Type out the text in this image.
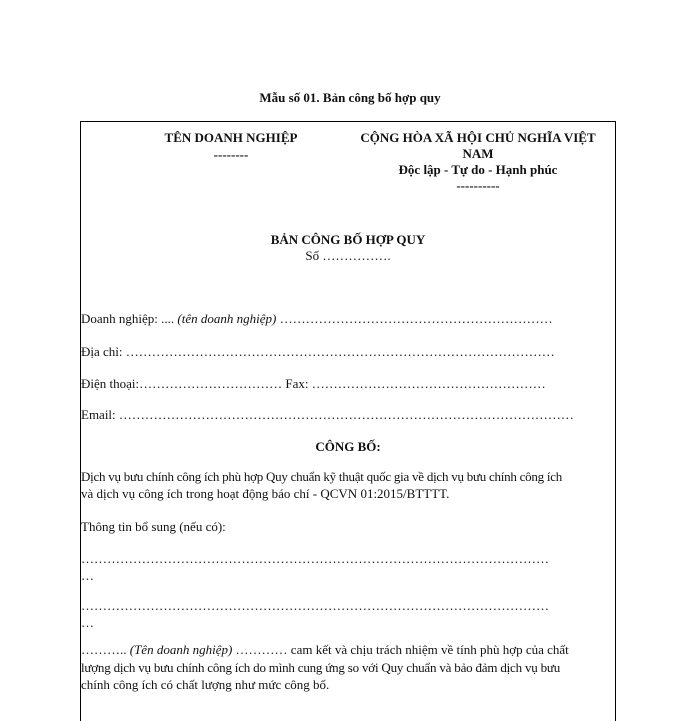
Mẫu số 01. Bản công bố hợp quy
TÊN DOANH NGHIỆP
--------
CỘNG HÒA XÃ HỘI CHỦ NGHĨA VIỆT
NAM
Độc lập - Tự do - Hạnh phúc
----------
BẢN CÔNG BỐ HỢP QUY
Số …………….
Doanh nghiệp: .... (tên doanh nghiệp) ………………………………………………………
Địa chỉ: ………………………………………………………………………………………
Điện thoại:…………………………… Fax: ………………………………………………
Email: ……………………………………………………………………………………………
CÔNG BỐ:
Dịch vụ bưu chính công ích phù hợp Quy chuẩn kỹ thuật quốc gia về dịch vụ bưu chính công ích
và dịch vụ công ích trong hoạt động báo chí - QCVN 01:2015/BTTTT.
Thông tin bổ sung (nếu có):
………………………………………………………………………………………………
…
………………………………………………………………………………………………
…
……….. (Tên doanh nghiệp) ………… cam kết và chịu trách nhiệm về tính phù hợp của chất
lượng dịch vụ bưu chính công ích do mình cung ứng so với Quy chuẩn và bảo đảm dịch vụ bưu
chính công ích có chất lượng như mức công bố.
